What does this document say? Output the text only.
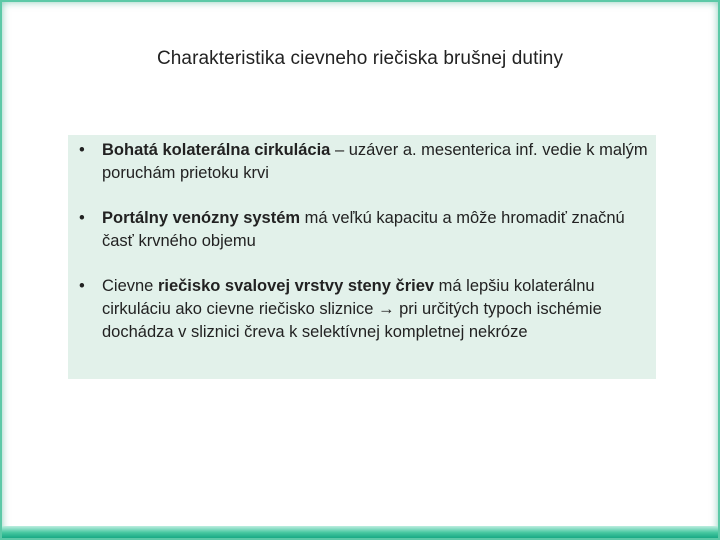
Charakteristika cievneho riečiska brušnej dutiny
• Bohatá kolaterálna cirkulácia – uzáver a. mesenterica inf. vedie k malým poruchám prietoku krvi
• Portálny venózny systém má veľkú kapacitu a môže hromadiť značnú časť krvného objemu
• Cievne riečisko svalovej vrstvy steny čriev má lepšiu kolaterálnu cirkuláciu ako cievne riečisko sliznice → pri určitých typoch ischémie dochádza v sliznici čreva k selektívnej kompletnej nekróze
